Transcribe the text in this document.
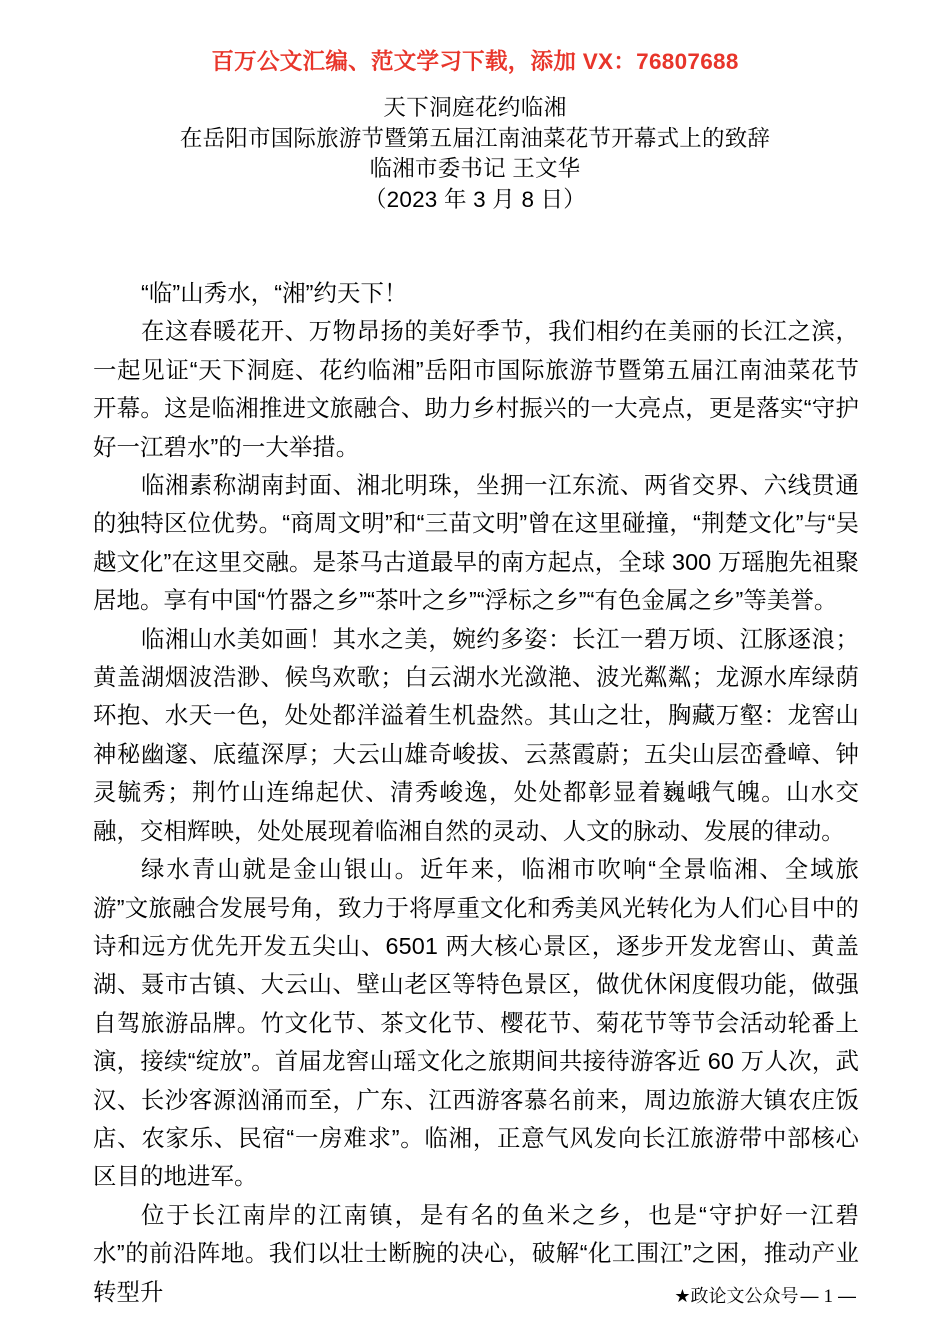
百万公文汇编、范文学习下载，添加 VX：76807688
天下洞庭花约临湘
在岳阳市国际旅游节暨第五届江南油菜花节开幕式上的致辞
临湘市委书记 王文华
（2023 年 3 月 8 日）

“临”山秀水，“湘”约天下！

在这春暖花开、万物昂扬的美好季节，我们相约在美丽的长江之滨，一起见证“天下洞庭、花约临湘”岳阳市国际旅游节暨第五届江南油菜花节开幕。这是临湘推进文旅融合、助力乡村振兴的一大亮点，更是落实“守护好一江碧水”的一大举措。

临湘素称湖南封面、湘北明珠，坐拥一江东流、两省交界、六线贯通的独特区位优势。“商周文明”和“三苗文明”曾在这里碰撞，“荆楚文化”与“吴越文化”在这里交融。是茶马古道最早的南方起点，全球 300 万瑶胞先祖聚居地。享有中国“竹器之乡”“茶叶之乡”“浮标之乡”“有色金属之乡”等美誉。

临湘山水美如画！其水之美，婉约多姿：长江一碧万顷、江豚逐浪；黄盖湖烟波浩渺、候鸟欢歌；白云湖水光潋滟、波光粼粼；龙源水库绿荫环抱、水天一色，处处都洋溢着生机盎然。其山之壮，胸藏万壑：龙窖山神秘幽邃、底蕴深厚；大云山雄奇峻拔、云蒸霞蔚；五尖山层峦叠嶂、钟灵毓秀；荆竹山连绵起伏、清秀峻逸，处处都彰显着巍峨气魄。山水交融，交相辉映，处处展现着临湘自然的灵动、人文的脉动、发展的律动。

绿水青山就是金山银山。近年来，临湘市吹响“全景临湘、全域旅游”文旅融合发展号角，致力于将厚重文化和秀美风光转化为人们心目中的诗和远方优先开发五尖山、6501 两大核心景区，逐步开发龙窖山、黄盖湖、聂市古镇、大云山、壁山老区等特色景区，做优休闲度假功能，做强自驾旅游品牌。竹文化节、茶文化节、樱花节、菊花节等节会活动轮番上演，接续“绽放”。首届龙窖山瑶文化之旅期间共接待游客近 60 万人次，武汉、长沙客源汹涌而至，广东、江西游客慕名前来，周边旅游大镇农庄饭店、农家乐、民宿“一房难求”。临湘，正意气风发向长江旅游带中部核心区目的地进军。

位于长江南岸的江南镇，是有名的鱼米之乡，也是“守护好一江碧水”的前沿阵地。我们以壮士断腕的决心，破解“化工围江”之困，推动产业转型升	★政论文公众号 — 1 —
